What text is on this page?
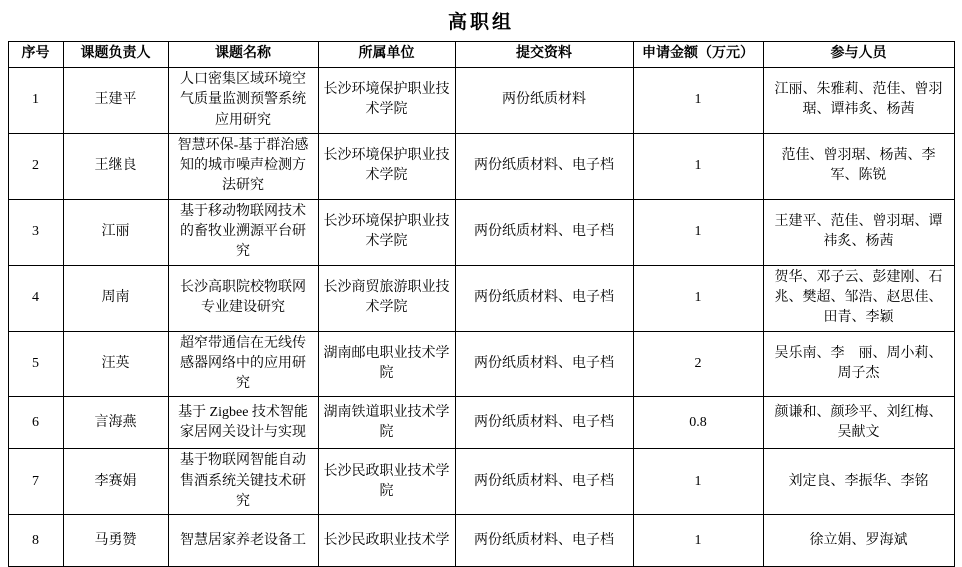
高职组
序号	课题负责人	课题名称	所属单位	提交资料	申请金额（万元）	参与人员
1	王建平	人口密集区域环境空气质量监测预警系统应用研究	长沙环境保护职业技术学院	两份纸质材料	1	江丽、朱雅莉、范佳、曾羽琚、谭祎炙、杨茜
2	王继良	智慧环保-基于群治感知的城市噪声检测方法研究	长沙环境保护职业技术学院	两份纸质材料、电子档	1	范佳、曾羽琚、杨茜、李军、陈锐
3	江丽	基于移动物联网技术的畜牧业溯源平台研究	长沙环境保护职业技术学院	两份纸质材料、电子档	1	王建平、范佳、曾羽琚、谭祎炙、杨茜
4	周南	长沙高职院校物联网专业建设研究	长沙商贸旅游职业技术学院	两份纸质材料、电子档	1	贺华、邓子云、彭建刚、石兆、樊超、邹浩、赵思佳、田青、李颖
5	汪英	超窄带通信在无线传感器网络中的应用研究	湖南邮电职业技术学院	两份纸质材料、电子档	2	吴乐南、李　丽、周小莉、周子杰
6	言海燕	基于 Zigbee 技术智能家居网关设计与实现	湖南铁道职业技术学院	两份纸质材料、电子档	0.8	颜谦和、颜珍平、刘红梅、吴献文
7	李赛娟	基于物联网智能自动售酒系统关键技术研究	长沙民政职业技术学院	两份纸质材料、电子档	1	刘定良、李振华、李铭
8	马勇赞	智慧居家养老设备工	长沙民政职业技术学	两份纸质材料、电子档	1	徐立娟、罗海斌
